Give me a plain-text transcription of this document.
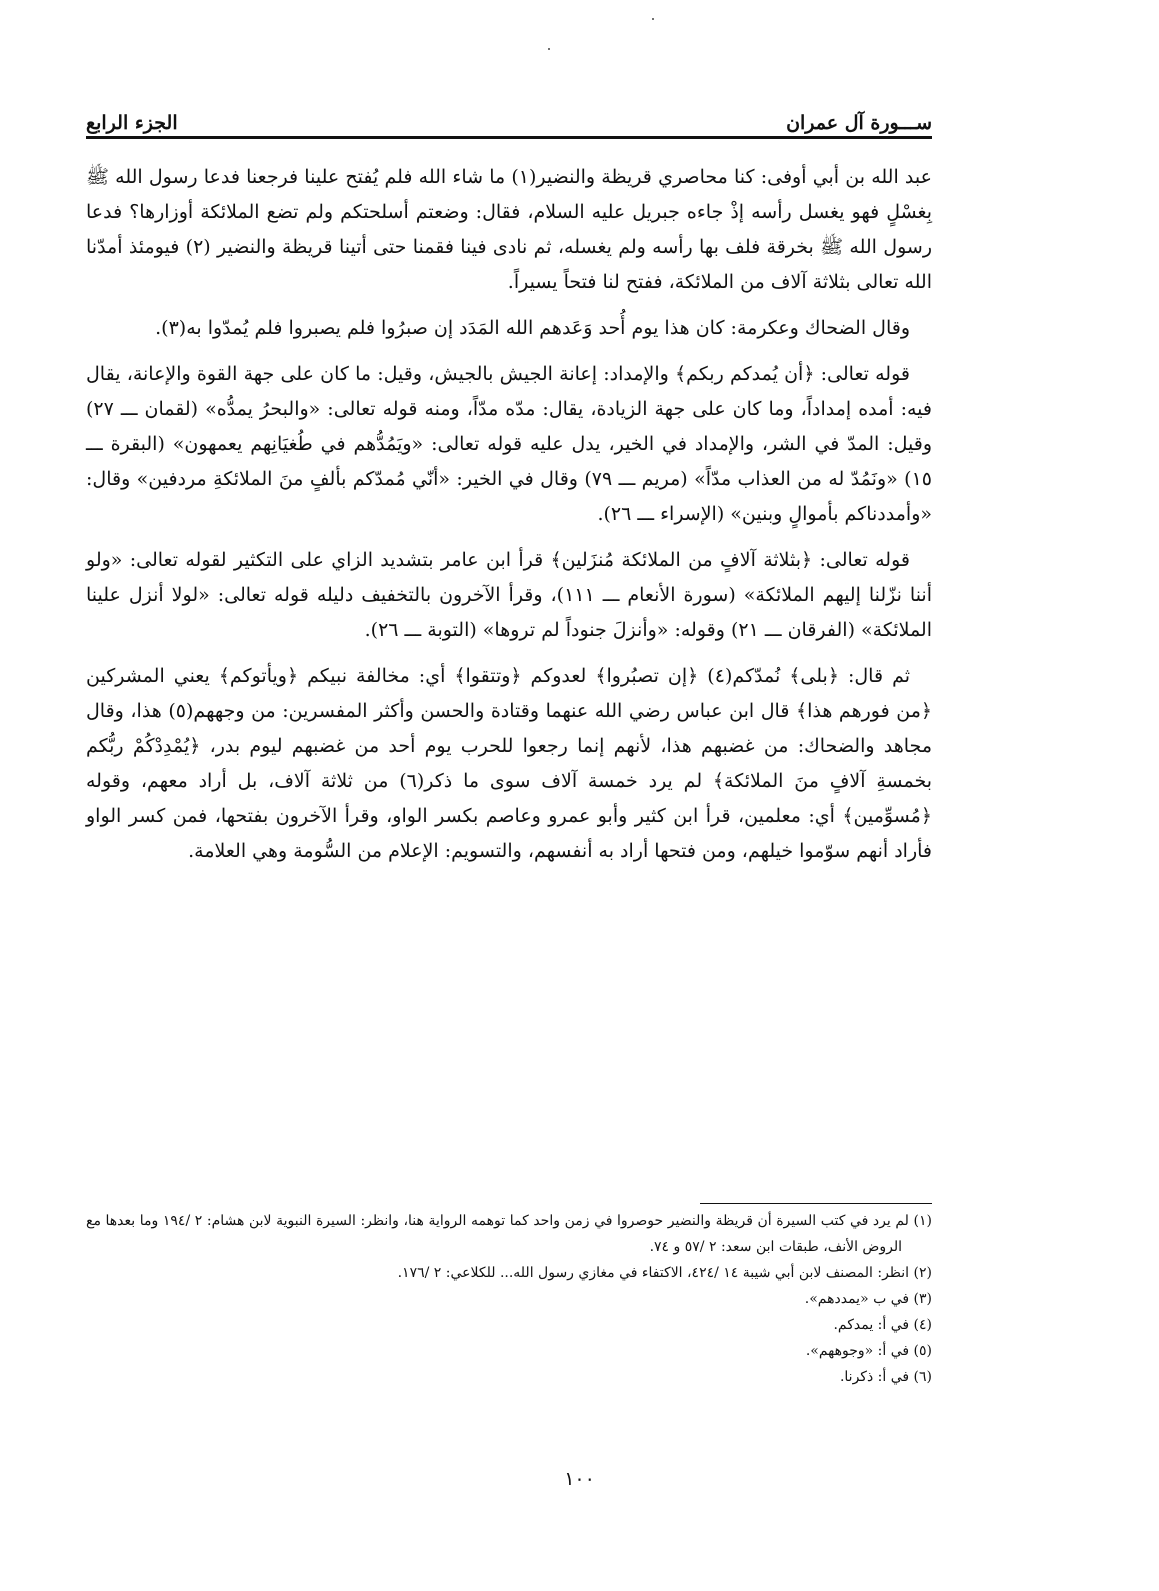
ســـورة آل عمران
الجزء الرابع

عبد الله بن أبي أوفى: كنا محاصري قريظة والنضير(١) ما شاء الله فلم يُفتح علينا فرجعنا فدعا رسول الله ﷺ بِغسْلٍ فهو يغسل رأسه إذْ جاءه جبريل عليه السلام، فقال: وضعتم أسلحتكم ولم تضع الملائكة أوزارها؟ فدعا رسول الله ﷺ بخرقة فلف بها رأسه ولم يغسله، ثم نادى فينا فقمنا حتى أتينا قريظة والنضير (٢) فيومئذ أمدّنا الله تعالى بثلاثة آلاف من الملائكة، ففتح لنا فتحاً يسيراً.

وقال الضحاك وعكرمة: كان هذا يوم أُحد وَعَدهم الله المَدَد إن صبرُوا فلم يصبروا فلم يُمدّوا به(٣).

قوله تعالى: ﴿أن يُمدكم ربكم﴾ والإمداد: إعانة الجيش بالجيش، وقيل: ما كان على جهة القوة والإعانة، يقال فيه: أمده إمداداً، وما كان على جهة الزيادة، يقال: مدّه مدّاً، ومنه قوله تعالى: «والبحرُ يمدُّه» (لقمان ـــ ٢٧) وقيل: المدّ في الشر، والإمداد في الخير، يدل عليه قوله تعالى: «ويَمُدُّهم في طُغيَانِهم يعمهون» (البقرة ـــ ١٥) «ونَمُدّ له من العذاب مدّاً» (مريم ـــ ٧٩) وقال في الخير: «أنّي مُمدّكم بألفٍ منَ الملائكةِ مردفين» وقال: «وأمددناكم بأموالٍ وبنين» (الإسراء ـــ ٢٦).

قوله تعالى: ﴿بثلاثة آلافٍ من الملائكة مُنزَلين﴾ قرأ ابن عامر بتشديد الزاي على التكثير لقوله تعالى: «ولو أننا نزّلنا إليهم الملائكة» (سورة الأنعام ـــ ١١١)، وقرأ الآخرون بالتخفيف دليله قوله تعالى: «لولا أنزل علينا الملائكة» (الفرقان ـــ ٢١) وقوله: «وأنزلَ جنوداً لم تروها» (التوبة ـــ ٢٦).

ثم قال: ﴿بلى﴾ نُمدّكم(٤) ﴿إن تصبُروا﴾ لعدوكم ﴿وتتقوا﴾ أي: مخالفة نبيكم ﴿ويأتوكم﴾ يعني المشركين ﴿من فورهم هذا﴾ قال ابن عباس رضي الله عنهما وقتادة والحسن وأكثر المفسرين: من وجههم(٥) هذا، وقال مجاهد والضحاك: من غضبهم هذا، لأنهم إنما رجعوا للحرب يوم أحد من غضبهم ليوم بدر، ﴿يُمْدِدْكُمْ ربُّكم بخمسةِ آلافٍ منَ الملائكة﴾ لم يرد خمسة آلاف سوى ما ذكر(٦) من ثلاثة آلاف، بل أراد معهم، وقوله ﴿مُسوِّمين﴾ أي: معلمين، قرأ ابن كثير وأبو عمرو وعاصم بكسر الواو، وقرأ الآخرون بفتحها، فمن كسر الواو فأراد أنهم سوّموا خيلهم، ومن فتحها أراد به أنفسهم، والتسويم: الإعلام من السُّومة وهي العلامة.

(١) لم يرد في كتب السيرة أن قريظة والنضير حوصروا في زمن واحد كما توهمه الرواية هنا، وانظر: السيرة النبوية لابن هشام: ٢ /١٩٤ وما بعدها مع الروض الأنف، طبقات ابن سعد: ٢ /٥٧ و ٧٤.

(٢) انظر: المصنف لابن أبي شيبة ١٤ /٤٢٤، الاكتفاء في مغازي رسول الله... للكلاعي: ٢ /١٧٦.

(٣) في ب «يمددهم».

(٤) في أ: يمدكم.

(٥) في أ: «وجوههم».

(٦) في أ: ذكرنا.

١٠٠
